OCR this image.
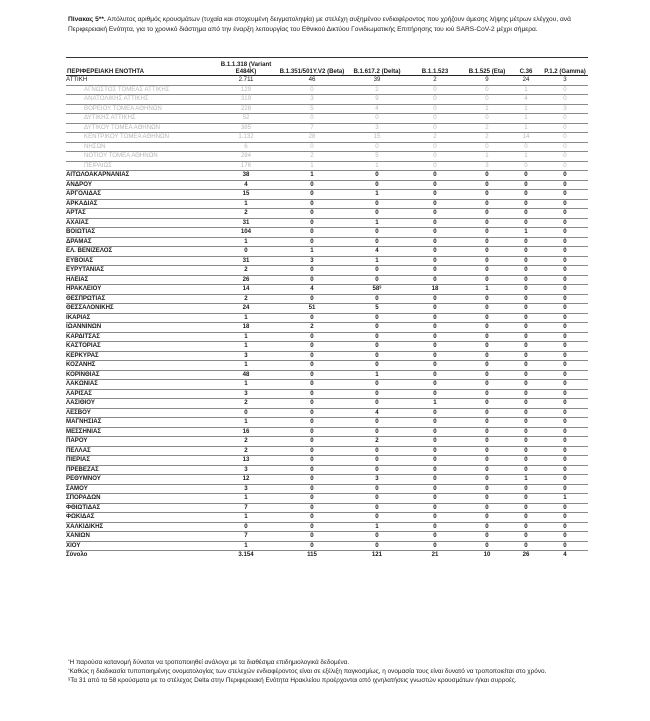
Πίνακας 5**. Απόλυτος αριθμός κρουσμάτων (τυχαία και στοχευμένη δειγματοληψία) με στελέχη αυξημένου ενδιαφέροντος που χρήζουν άμεσης λήψης μέτρων ελέγχου, ανά Περιφερειακή Ενότητα, για το χρονικό διάστημα από την έναρξη λειτουργίας του Εθνικού Δικτύου Γονιδιωματικής Επιτήρησης του ιού SARS-CoV-2 μέχρι σήμερα.
ΠΕΡΙΦΕΡΕΙΑΚΗ ΕΝΟΤΗΤΑ	B.1.1.318 (Variant E484K)	B.1.351/501Y.V2 (Beta)	B.1.617.2 (Delta)	B.1.1.523	B.1.525 (Eta)	C.36	P.1.2 (Gamma)
ΑΤΤΙΚΗ	2.711	46	39	2	9	24	3
ΑΓΝΩΣΤΟΣ ΤΟΜΕΑΣ ΑΤΤΙΚΗΣ	129	0	2	0	0	1	0
ΑΝΑΤΟΛΙΚΗΣ ΑΤΤΙΚΗΣ	319	3	9	0	0	4	0
ΒΟΡΕΙΟΥ ΤΟΜΕΑ ΑΘΗΝΩΝ	228	5	4	0	1	1	3
ΔΥΤΙΚΗΣ ΑΤΤΙΚΗΣ	52	0	0	0	0	1	0
ΔΥΤΙΚΟΥ ΤΟΜΕΑ ΑΘΗΝΩΝ	385	7	3	0	2	1	0
ΚΕΝΤΡΙΚΟΥ ΤΟΜΕΑ ΑΘΗΝΩΝ	1.132	28	15	2	2	14	0
ΝΗΣΩΝ	6	0	0	0	0	0	0
ΝΟΤΙΟΥ ΤΟΜΕΑ ΑΘΗΝΩΝ	284	2	5	0	1	1	0
ΠΕΙΡΑΙΩΣ	176	1	1	0	3	0	0
ΑΙΤΩΛΟΑΚΑΡΝΑΝΙΑΣ	38	1	0	0	0	0	0
ΑΝΔΡΟΥ	4	0	0	0	0	0	0
ΑΡΓΟΛΙΔΑΣ	15	0	1	0	0	0	0
ΑΡΚΑΔΙΑΣ	1	0	0	0	0	0	0
ΑΡΤΑΣ	2	0	0	0	0	0	0
ΑΧΑΪΑΣ	31	0	1	0	0	0	0
ΒΟΙΩΤΙΑΣ	104	0	0	0	0	1	0
ΔΡΑΜΑΣ	1	0	0	0	0	0	0
ΕΛ. ΒΕΝΙΖΕΛΟΣ	0	1	4	0	0	0	0
ΕΥΒΟΙΑΣ	31	3	1	0	0	0	0
ΕΥΡΥΤΑΝΙΑΣ	2	0	0	0	0	0	0
ΗΛΕΙΑΣ	26	0	0	0	0	0	0
ΗΡΑΚΛΕΙΟΥ	14	4	58§	18	1	0	0
ΘΕΣΠΡΩΤΙΑΣ	2	0	0	0	0	0	0
ΘΕΣΣΑΛΟΝΙΚΗΣ	24	51	5	0	0	0	0
ΙΚΑΡΙΑΣ	1	0	0	0	0	0	0
ΙΩΑΝΝΙΝΩΝ	18	2	0	0	0	0	0
ΚΑΡΔΙΤΣΑΣ	1	0	0	0	0	0	0
ΚΑΣΤΟΡΙΑΣ	1	0	0	0	0	0	0
ΚΕΡΚΥΡΑΣ	3	0	0	0	0	0	0
ΚΟΖΑΝΗΣ	1	0	0	0	0	0	0
ΚΟΡΙΝΘΙΑΣ	48	0	1	0	0	0	0
ΛΑΚΩΝΙΑΣ	1	0	0	0	0	0	0
ΛΑΡΙΣΑΣ	3	0	0	0	0	0	0
ΛΑΣΙΘΙΟΥ	2	0	0	1	0	0	0
ΛΕΣΒΟΥ	0	0	4	0	0	0	0
ΜΑΓΝΗΣΙΑΣ	1	0	0	0	0	0	0
ΜΕΣΣΗΝΙΑΣ	16	0	0	0	0	0	0
ΠΑΡΟΥ	2	0	2	0	0	0	0
ΠΕΛΛΑΣ	2	0	0	0	0	0	0
ΠΙΕΡΙΑΣ	13	0	0	0	0	0	0
ΠΡΕΒΕΖΑΣ	3	0	0	0	0	0	0
ΡΕΘΥΜΝΟΥ	12	0	3	0	0	1	0
ΣΑΜΟΥ	3	0	0	0	0	0	0
ΣΠΟΡΑΔΩΝ	1	0	0	0	0	0	1
ΦΘΙΩΤΙΔΑΣ	7	0	0	0	0	0	0
ΦΩΚΙΔΑΣ	1	0	0	0	0	0	0
ΧΑΛΚΙΔΙΚΗΣ	0	0	1	0	0	0	0
ΧΑΝΙΩΝ	7	0	0	0	0	0	0
ΧΙΟΥ	1	0	0	0	0	0	0
Σύνολο	3.154	115	121	21	10	26	4

*Η παρούσα κατανομή δύναται να τροποποιηθεί ανάλογα με τα διαθέσιμα επιδημιολογικά δεδομένα.

*Καθώς η διαδικασία τυποποιημένης ονοματολογίας των στελεχών ενδιαφέροντος είναι σε εξέλιξη παγκοσμίως, η ονομασία τους είναι δυνατό να τροποποιείται στο χρόνο.

§Τα 31 από τα 58 κρούσματα με το στέλεχος Delta στην Περιφερειακή Ενότητα Ηρακλείου προέρχονται από ιχνηλατήσεις γνωστών κρουσμάτων ή/και συρροές.
